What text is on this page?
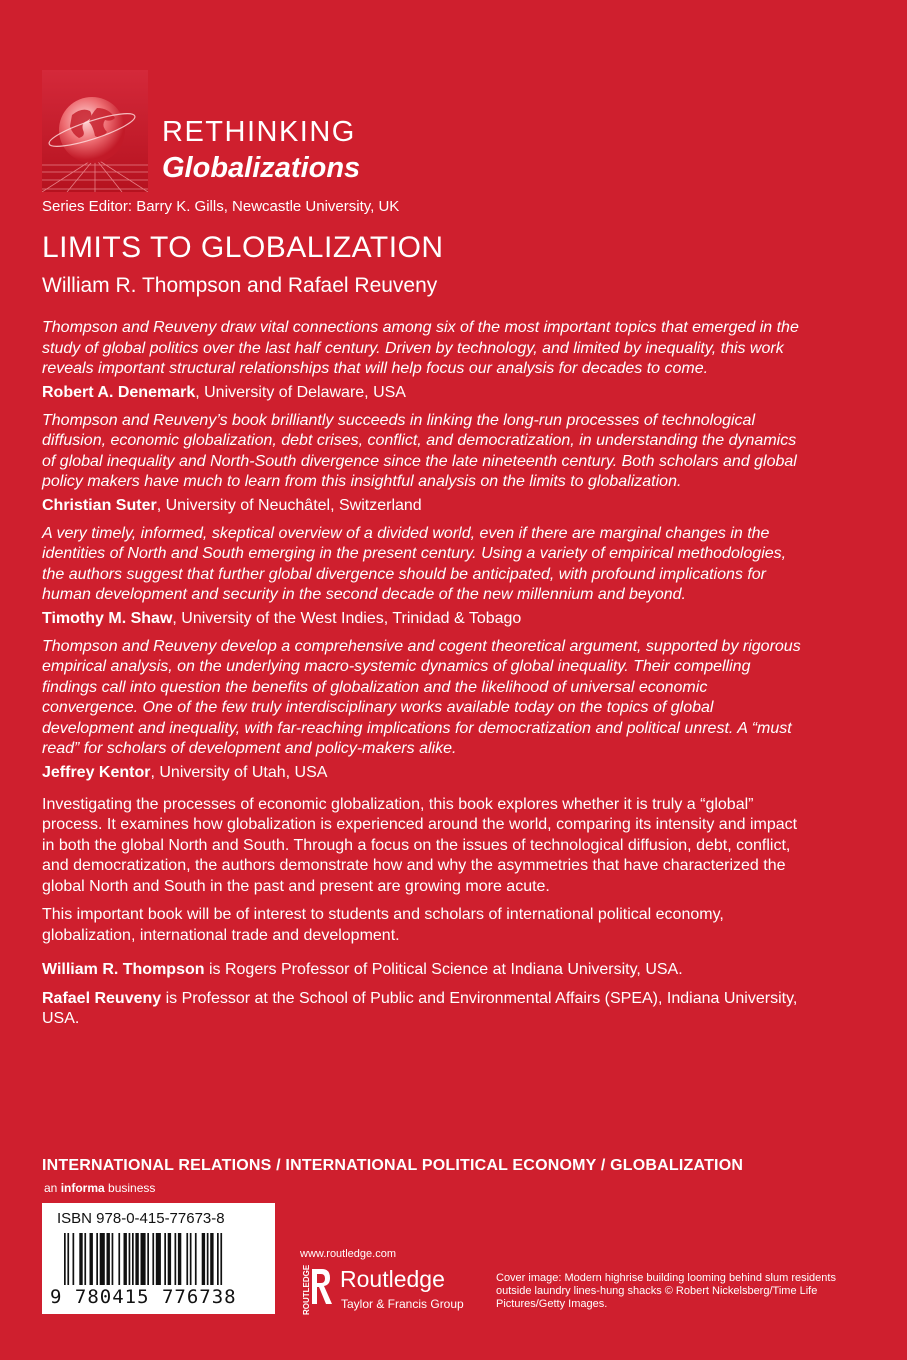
RETHINKING
Globalizations
Series Editor: Barry K. Gills, Newcastle University, UK
LIMITS TO GLOBALIZATION
William R. Thompson and Rafael Reuveny

Thompson and Reuveny draw vital connections among six of the most important topics that emerged in the study of global politics over the last half century. Driven by technology, and limited by inequality, this work reveals important structural relationships that will help focus our analysis for decades to come.

Robert A. Denemark, University of Delaware, USA

Thompson and Reuveny’s book brilliantly succeeds in linking the long-run processes of technological diffusion, economic globalization, debt crises, conflict, and democratization, in understanding the dynamics of global inequality and North-South divergence since the late nineteenth century. Both scholars and global policy makers have much to learn from this insightful analysis on the limits to globalization.

Christian Suter, University of Neuchâtel, Switzerland

A very timely, informed, skeptical overview of a divided world, even if there are marginal changes in the identities of North and South emerging in the present century. Using a variety of empirical methodologies, the authors suggest that further global divergence should be anticipated, with profound implications for human development and security in the second decade of the new millennium and beyond.

Timothy M. Shaw, University of the West Indies, Trinidad & Tobago

Thompson and Reuveny develop a comprehensive and cogent theoretical argument, supported by rigorous empirical analysis, on the underlying macro-systemic dynamics of global inequality. Their compelling findings call into question the benefits of globalization and the likelihood of universal economic convergence. One of the few truly interdisciplinary works available today on the topics of global development and inequality, with far-reaching implications for democratization and political unrest. A “must read” for scholars of development and policy-makers alike.

Jeffrey Kentor, University of Utah, USA

Investigating the processes of economic globalization, this book explores whether it is truly a “global” process. It examines how globalization is experienced around the world, comparing its intensity and impact in both the global North and South. Through a focus on the issues of technological diffusion, debt, conflict, and democratization, the authors demonstrate how and why the asymmetries that have characterized the global North and South in the past and present are growing more acute.

This important book will be of interest to students and scholars of international political economy, globalization, international trade and development.

William R. Thompson is Rogers Professor of Political Science at Indiana University, USA.

Rafael Reuveny is Professor at the School of Public and Environmental Affairs (SPEA), Indiana University, USA.

INTERNATIONAL RELATIONS / INTERNATIONAL POLITICAL ECONOMY / GLOBALIZATION
an informa business
ISBN 978-0-415-77673-8
9 780415 776738
www.routledge.com
ROUTLEDGE Routledge
Taylor & Francis Group
Cover image: Modern highrise building looming behind slum residents outside laundry lines-hung shacks © Robert Nickelsberg/Time Life Pictures/Getty Images.
